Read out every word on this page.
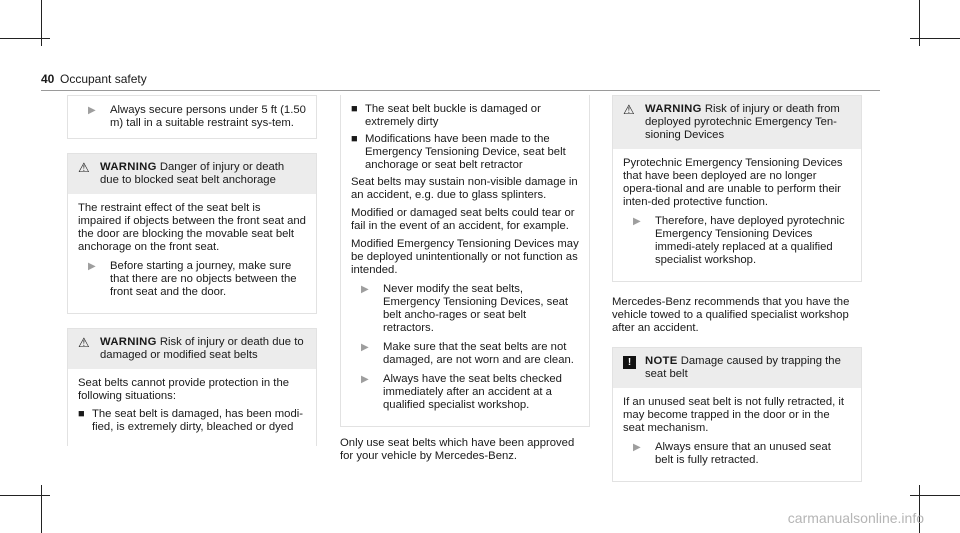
40 Occupant safety
▶	Always secure persons under 5 ft (1.50 m) tall in a suitable restraint sys-tem.
⚠ WARNING Danger of injury or death due to blocked seat belt anchorage

The restraint effect of the seat belt is impaired if objects between the front seat and the door are blocking the movable seat belt anchorage on the front seat.

▶	Before starting a journey, make sure that there are no objects between the front seat and the door.
⚠ WARNING Risk of injury or death due to damaged or modified seat belts

Seat belts cannot provide protection in the following situations:

■ The seat belt is damaged, has been modi-fied, is extremely dirty, bleached or dyed
■ The seat belt buckle is damaged or extremely dirty
■ Modifications have been made to the Emergency Tensioning Device, seat belt anchorage or seat belt retractor

Seat belts may sustain non-visible damage in an accident, e.g. due to glass splinters.

Modified or damaged seat belts could tear or fail in the event of an accident, for example.

Modified Emergency Tensioning Devices may be deployed unintentionally or not function as intended.

▶	Never modify the seat belts, Emergency Tensioning Devices, seat belt ancho-rages or seat belt retractors.
▶	Make sure that the seat belts are not damaged, are not worn and are clean.
▶	Always have the seat belts checked immediately after an accident at a qualified specialist workshop.

Only use seat belts which have been approved for your vehicle by Mercedes-Benz.

⚠ WARNING Risk of injury or death from deployed pyrotechnic Emergency Ten-sioning Devices

Pyrotechnic Emergency Tensioning Devices that have been deployed are no longer opera-tional and are unable to perform their inten-ded protective function.

▶	Therefore, have deployed pyrotechnic Emergency Tensioning Devices immedi-ately replaced at a qualified specialist workshop.

Mercedes-Benz recommends that you have the vehicle towed to a qualified specialist workshop after an accident.

!	NOTE Damage caused by trapping the seat belt

If an unused seat belt is not fully retracted, it may become trapped in the door or in the seat mechanism.

▶	Always ensure that an unused seat belt is fully retracted.
carmanualsonline.info
